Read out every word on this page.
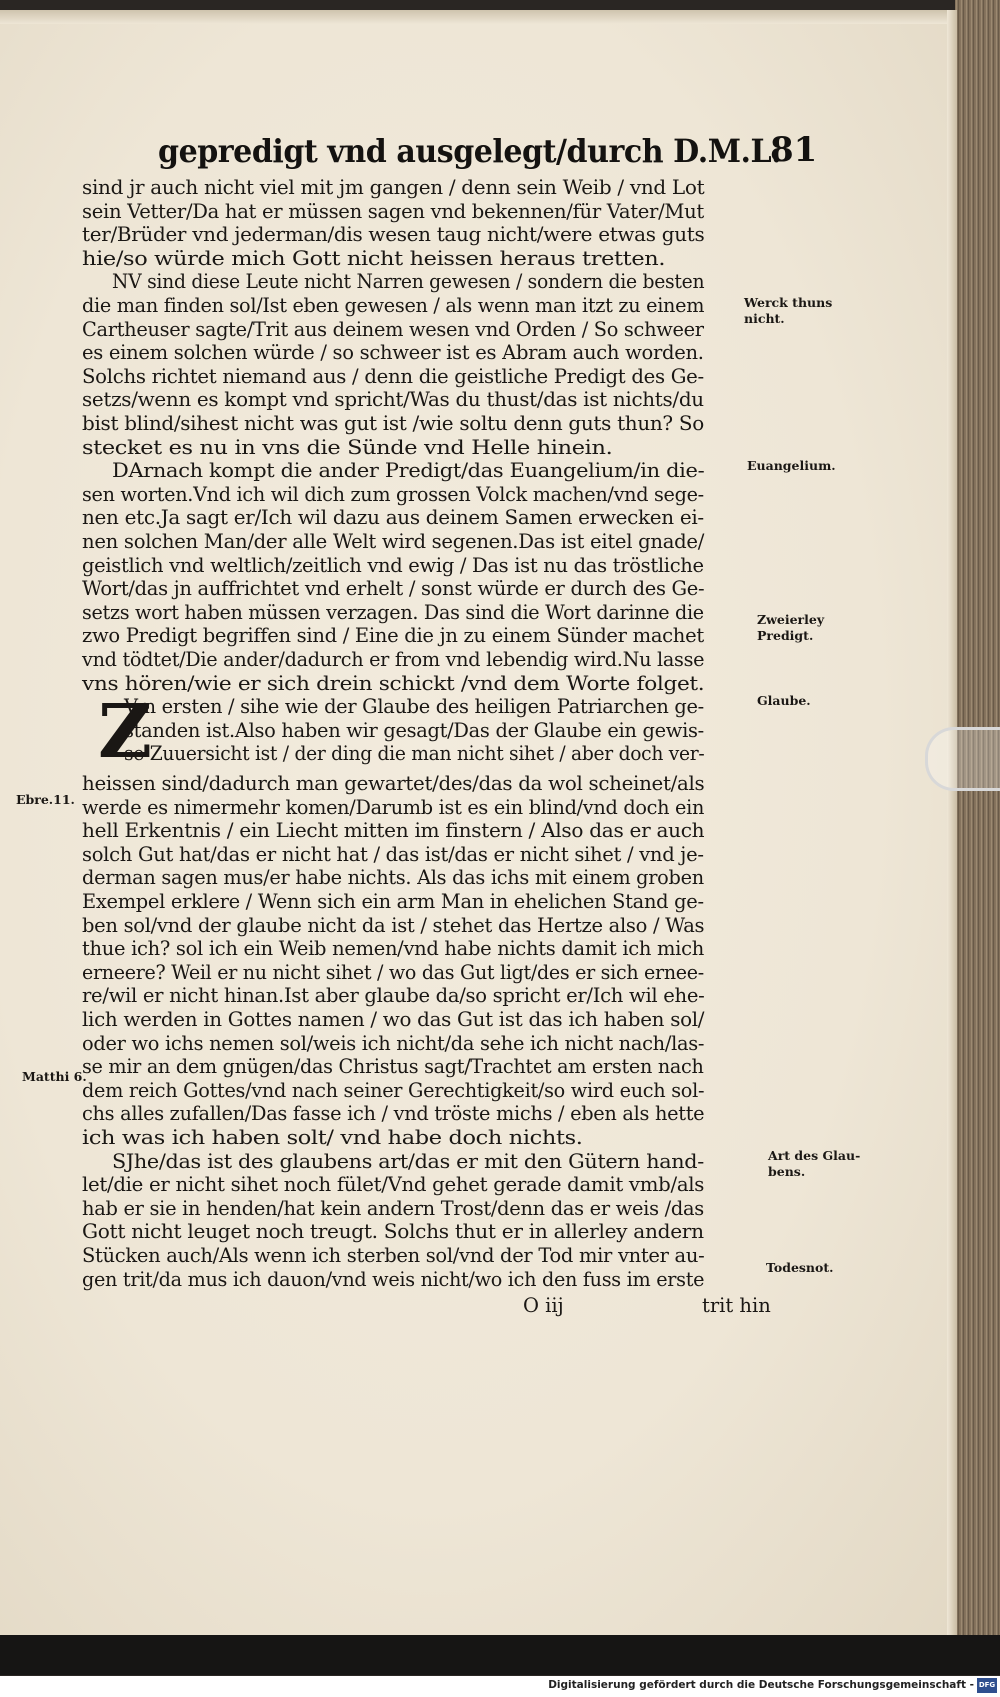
gepredigt vnd ausgelegt/durch D.M.L.
81
Z
sind jr auch nicht viel mit jm gangen / denn sein Weib / vnd Lot
sein Vetter/Da hat er müssen sagen vnd bekennen/für Vater/Mut
ter/Brüder vnd jederman/dis wesen taug nicht/were etwas guts
hie/so würde mich Gott nicht heissen heraus tretten.
NV sind diese Leute nicht Narren gewesen / sondern die besten
die man finden sol/Ist eben gewesen / als wenn man itzt zu einem
Cartheuser sagte/Trit aus deinem wesen vnd Orden / So schweer
es einem solchen würde / so schweer ist es Abram auch worden.
Solchs richtet niemand aus / denn die geistliche Predigt des Ge-
setzs/wenn es kompt vnd spricht/Was du thust/das ist nichts/du
bist blind/sihest nicht was gut ist /wie soltu denn guts thun? So
stecket es nu in vns die Sünde vnd Helle hinein.
DArnach kompt die ander Predigt/das Euangelium/in die-
sen worten.Vnd ich wil dich zum grossen Volck machen/vnd sege-
nen etc.Ja sagt er/Ich wil dazu aus deinem Samen erwecken ei-
nen solchen Man/der alle Welt wird segenen.Das ist eitel gnade/
geistlich vnd weltlich/zeitlich vnd ewig / Das ist nu das tröstliche
Wort/das jn auffrichtet vnd erhelt / sonst würde er durch des Ge-
setzs wort haben müssen verzagen. Das sind die Wort darinne die
zwo Predigt begriffen sind / Eine die jn zu einem Sünder machet
vnd tödtet/Die ander/dadurch er from vnd lebendig wird.Nu lasse
vns hören/wie er sich drein schickt /vnd dem Worte folget.
Vm ersten / sihe wie der Glaube des heiligen Patriarchen ge-
standen ist.Also haben wir gesagt/Das der Glaube ein gewis-
se Zuuersicht ist / der ding die man nicht sihet / aber doch ver-
heissen sind/dadurch man gewartet/des/das da wol scheinet/als
werde es nimermehr komen/Darumb ist es ein blind/vnd doch ein
hell Erkentnis / ein Liecht mitten im finstern / Also das er auch
solch Gut hat/das er nicht hat / das ist/das er nicht sihet / vnd je-
derman sagen mus/er habe nichts. Als das ichs mit einem groben
Exempel erklere / Wenn sich ein arm Man in ehelichen Stand ge-
ben sol/vnd der glaube nicht da ist / stehet das Hertze also / Was
thue ich? sol ich ein Weib nemen/vnd habe nichts damit ich mich
erneere? Weil er nu nicht sihet / wo das Gut ligt/des er sich ernee-
re/wil er nicht hinan.Ist aber glaube da/so spricht er/Ich wil ehe-
lich werden in Gottes namen / wo das Gut ist das ich haben sol/
oder wo ichs nemen sol/weis ich nicht/da sehe ich nicht nach/las-
se mir an dem gnügen/das Christus sagt/Trachtet am ersten nach
dem reich Gottes/vnd nach seiner Gerechtigkeit/so wird euch sol-
chs alles zufallen/Das fasse ich / vnd tröste michs / eben als hette
ich was ich haben solt/ vnd habe doch nichts.
SJhe/das ist des glaubens art/das er mit den Gütern hand-
let/die er nicht sihet noch fület/Vnd gehet gerade damit vmb/als
hab er sie in henden/hat kein andern Trost/denn das er weis /das
Gott nicht leuget noch treugt. Solchs thut er in allerley andern
Stücken auch/Als wenn ich sterben sol/vnd der Tod mir vnter au-
gen trit/da mus ich dauon/vnd weis nicht/wo ich den fuss im erste
Werck thuns
nicht.
Euangelium.
Zweierley
Predigt.
Glaube.
Art des Glau-
bens.
Todesnot.
Ebre.11.
Matthi 6.
O iij	trit hin
Digitalisierung gefördert durch die Deutsche Forschungsgemeinschaft - DFG
